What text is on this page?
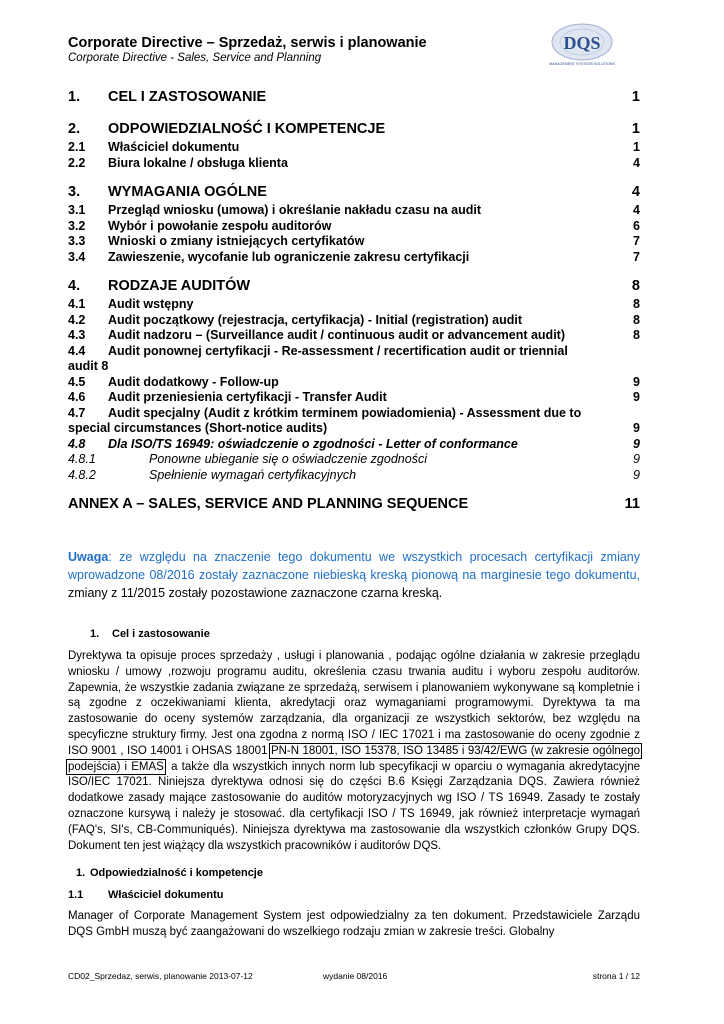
Corporate Directive – Sprzedaż, serwis i planowanie
Corporate Directive - Sales, Service and Planning
DQS
MANAGEMENT SYSTEMS SOLUTIONS
1. CEL I ZASTOSOWANIE	1
2. ODPOWIEDZIALNOŚĆ I KOMPETENCJE	1
2.1 Właściciel dokumentu	1
2.2 Biura lokalne / obsługa klienta	4
3. WYMAGANIA OGÓLNE	4
3.1 Przegląd wniosku (umowa) i określanie nakładu czasu na audit	4
3.2 Wybór i powołanie zespołu auditorów	6
3.3 Wnioski o zmiany istniejących certyfikatów	7
3.4 Zawieszenie, wycofanie lub ograniczenie zakresu certyfikacji	7
4. RODZAJE AUDITÓW	8
4.1 Audit wstępny	8
4.2 Audit początkowy (rejestracja, certyfikacja) - Initial (registration) audit	8
4.3 Audit nadzoru – (Surveillance audit / continuous audit or advancement audit)	8
4.4 Audit ponownej certyfikacji - Re-assessment / recertification audit or triennial
audit 8
4.5 Audit dodatkowy - Follow-up	9
4.6 Audit przeniesienia certyfikacji - Transfer Audit	9
4.7 Audit specjalny (Audit z krótkim terminem powiadomienia) - Assessment due to
special circumstances (Short-notice audits)	9
4.8 Dla ISO/TS 16949: oświadczenie o zgodności - Letter of conformance	9
4.8.1	Ponowne ubieganie się o oświadczenie zgodności	9
4.8.2	Spełnienie wymagań certyfikacyjnych	9
ANNEX A – SALES, SERVICE AND PLANNING SEQUENCE	11
Uwaga: ze względu na znaczenie tego dokumentu we wszystkich procesach certyfikacji zmiany wprowadzone 08/2016 zostały zaznaczone niebieską kreską pionową na marginesie tego dokumentu, zmiany z 11/2015 zostały pozostawione zaznaczone czarna kreską.
1. Cel i zastosowanie
Dyrektywa ta opisuje proces sprzedaży , usługi i planowania , podając ogólne działania w zakresie przeglądu wniosku / umowy ,rozwoju programu auditu, określenia czasu trwania auditu i wyboru zespołu auditorów. Zapewnia, że wszystkie zadania związane ze sprzedażą, serwisem i planowaniem wykonywane są kompletnie i są zgodne z oczekiwaniami klienta, akredytacji oraz wymaganiami programowymi. Dyrektywa ta ma zastosowanie do oceny systemów zarządzania, dla organizacji ze wszystkich sektorów, bez względu na specyficzne struktury firmy. Jest ona zgodna z normą ISO / IEC 17021 i ma zastosowanie do oceny zgodnie z ISO 9001 , ISO 14001 i OHSAS 18001 PN-N 18001, ISO 15378, ISO 13485 i 93/42/EWG (w zakresie ogólnego podejścia) i EMAS, a także dla wszystkich innych norm lub specyfikacji w oparciu o wymagania akredytacyjne ISO/IEC 17021. Niniejsza dyrektywa odnosi się do części B.6 Księgi Zarządzania DQS. Zawiera również dodatkowe zasady mające zastosowanie do auditów motoryzacyjnych wg ISO / TS 16949. Zasady te zostały oznaczone kursywą i należy je stosować. dla certyfikacji ISO / TS 16949, jak również interpretacje wymagań (FAQ's, SI's, CB-Communiqués). Niniejsza dyrektywa ma zastosowanie dla wszystkich członków Grupy DQS. Dokument ten jest wiążący dla wszystkich pracowników i auditorów DQS.
1. Odpowiedzialność i kompetencje
1.1 Właściciel dokumentu
Manager of Corporate Management System jest odpowiedzialny za ten dokument. Przedstawiciele Zarządu DQS GmbH muszą być zaangażowani do wszelkiego rodzaju zmian w zakresie treści. Globalny
CD02_Sprzedaz, serwis, planowanie 2013-07-12	wydanie 08/2016	strona 1 / 12
